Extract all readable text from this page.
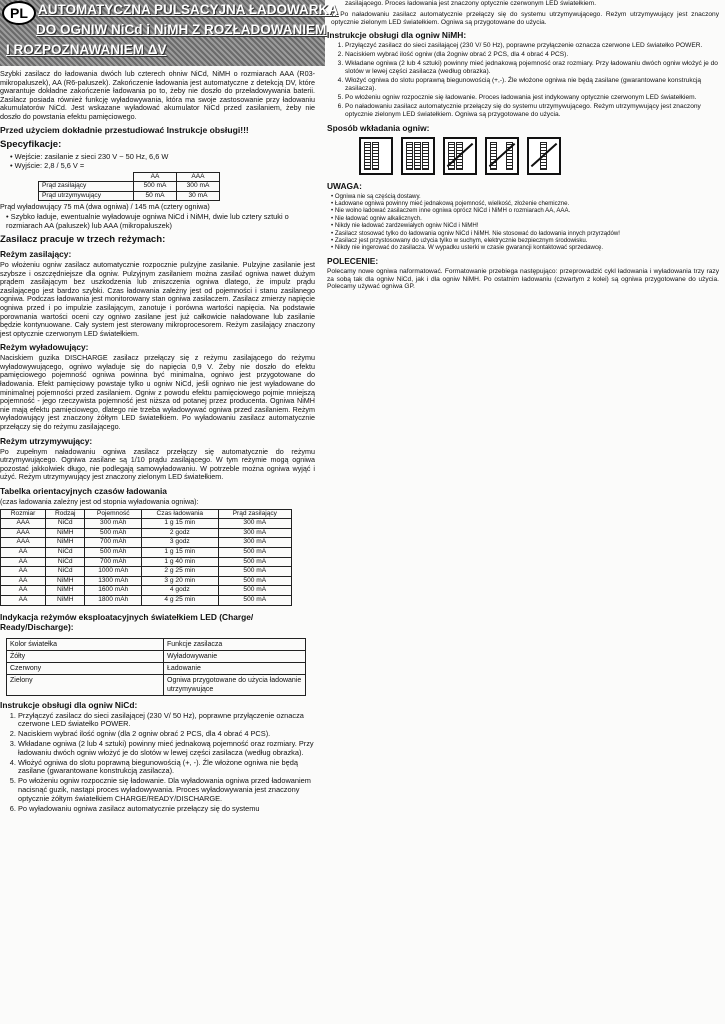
PL AUTOMATYCZNA PULSACYJNA ŁADOWARKA
DO OGNIW NiCd i NiMH Z ROZŁADOWANIEM
I ROZPOZNAWANIEM ΔV

Szybki zasilacz do ładowania dwóch lub czterech ohniw NiCd, NiMH o rozmiarach AAA (R03-mikropaluszek), AA (R6-paluszek). Zakończenie ładowania jest automatyczne z detekcją DV, które gwarantuje dokładne zakończenie ładowania po to, żeby nie doszło do przeładowywania baterii. Zasilacz posiada również funkcję wyładowywania, która ma swoje zastosowanie przy ładowaniu akumulatorów NiCd. Jest wskazane wyładować akumulator NiCd przed zasilaniem, żeby nie doszło do powstania efektu pamięciowego.

Przed użyciem dokładnie przestudiować Instrukcje obsługi!!!
Specyfikacje:
• Wejście: zasilanie z sieci 230 V ~ 50 Hz, 6,6 W
• Wyjście: 2,8 / 5,6 V =
	AA	AAA
Prąd zasilający	500 mA	300 mA
Prąd utrzymywujący	50 mA	30 mA

Prąd wyładowujący 75 mA (dwa ogniwa) / 145 mA (cztery ogniwa)

• Szybko ładuje, ewentualnie wyładowuje ogniwa NiCd i NiMH, dwie lub cztery sztuki o rozmiarach AA (paluszek) lub AAA (mikropaluszek)
Zasilacz pracuje w trzech reżymach:
Reżym zasilający:

Po włożeniu ogniw zasilacz automatycznie rozpocznie pulzyjne zasilanie. Pulzyjne zasilanie jest szybsze i oszczędniejsze dla ogniw. Pulzyjnym zasilaniem można zasilać ogniwa nawet dużym prądem zasilającym bez uszkodzenia lub zniszczenia ogniwa dlatego, że impulz prądu zasilającego jest bardzo szybki. Czas ładowania zależny jest od pojemności i stanu zasilanego ogniwa. Podczas ładowania jest monitorowany stan ogniwa zasilaczem. Zasilacz zmierzy napięcie ogniwa przed i po impulzie zasilającym, zanotuje i porówna wartości napięcia. Na podstawie porownania wartości oceni czy ogniwo zasilane jest już całkowicie naładowane lub zasilanie będzie kontynuowane. Cały system jest sterowany mikroprocesorem. Reżym zasilający znaczony jest optycznie czerwonym LED światełkiem.

Reżym wyładowujący:

Naciskiem guzika DISCHARGE zasilacz przełączy się z reżymu zasilającego do reżymu wyładowywującego, ogniwo wyładuje się do napięcia 0,9 V. Żeby nie doszło do efektu pamięciowego pojemność ogniwa powinna być minimalna, ogniwo jest przygotowane do ładowania. Efekt pamięciowy powstaje tylko u ogniw NiCd, jeśli ogniwo nie jest wyładowane do minimalnej pojemności przed zasilaniem. Ogniw z powodu efektu pamięciowego pojmie mniejszą pojemność - jego rzeczywista pojemność jest niższa od potanej przez producenta. Ogniwa NiMH nie mają efektu pamięciowego, dlatego nie trzeba wyładowywać ogniwa przed zasilaniem. Reżym wyładowujący jest znaczony żółtym LED światełkiem. Po wyładowaniu zasilacz automatycznie przełączy się do reżymu zasilającego.

Reżym utrzymywujący:

Po zupełnym naładowaniu ogniwa zasilacz przełączy się automatycznie do reżymu utrzymywującego. Ogniwa zasilane są 1/10 prądu zasilającego. W tym reżymie mogą ogniwa pozostać jakkolwiek długo, nie podlegają samowyładowaniu. W potrzeble można ogniwa wyjąć i użyć. Reżym utrzymywujący jest znaczony zielonym LED światełkiem.

Tabelka orientacyjnych czasów ładowania

(czas ładowania zależny jest od stopnia wyładowania ogniwa):

Rozmiar	Rodzaj	Pojemność	Czas ładowania	Prąd zasilający
AAA	NiCd	300 mAh	1 g 15 min	300 mA
AAA	NiMH	500 mAh	2 godz	300 mA
AAA	NiMH	700 mAh	3 godz	300 mA
AA	NiCd	500 mAh	1 g 15 min	500 mA
AA	NiCd	700 mAh	1 g 40 min	500 mA
AA	NiCd	1000 mAh	2 g 25 min	500 mA
AA	NiMH	1300 mAh	3 g 20 min	500 mA
AA	NiMH	1600 mAh	4 godz	500 mA
AA	NiMH	1800 mAh	4 g 25 min	500 mA
Indykacja reżymów eksploatacyjnych światełkiem LED (Charge/ Ready/Discharge):
Kolor światełka	Funkcje zasilacza
Żółty	Wyładowywanie
Czerwony	Ładowanie
Zielony	Ogniwa przygotowane do użycia ładowanie utrzymywujące
Instrukcje obsługi dla ogniw NiCd:
1. Przyłączyć zasilacz do sieci zasilającej (230 V/ 50 Hz), poprawne przyłączenie oznacza czerwone LED światełko POWER.
2. Naciskiem wybrać ilość ogniw (dla 2 ogniw obrać 2 PCS, dla 4 obrać 4 PCS).
3. Wkładane ogniwa (2 lub 4 sztuki) powinny mieć jednakową pojemność oraz rozmiary. Przy ładowaniu dwóch ogniw włożyć je do slotów w lewej części zasilacza (według obrazka).
4. Włożyć ogniwa do slotu poprawną biegunowością (+, -). Źle włożone ogniwa nie będą zasilane (gwarantowane konstrukcją zasilacza).
5. Po włożeniu ogniw rozpocznie się ładowanie. Dla wyładowania ogniwa przed ładowaniem nacisnąć guzik, nastąpi proces wyładowywania. Proces wyładowywania jest znaczony optycznie żółtym światełkiem CHARGE/READY/DISCHARGE.
6. Po wyładowaniu ogniwa zasilacz automatycznie przełączy się do systemu

zasilającego. Proces ładowania jest znaczony optycznie czerwonym LED światełkiem.

7. Po naładowaniu zasilacz automatycznie przełączy się do systemu utrzymywującego. Reżym utrzymywujący jest znaczony optycznie zielonym LED światełkiem. Ogniwa są przygotowane do użycia.

Instrukcje obsługi dla ogniw NiMH:
1. Przyłączyć zasilacz do sieci zasilającej (230 V/ 50 Hz), poprawne przyłączenie oznacza czerwone LED światełko POWER.
2. Naciskiem wybrać ilość ogniw (dla 2ogniw obrać 2 PCS, dla 4 obrać 4 PCS).
3. Wkładane ogniwa (2 lub 4 sztuki) powinny mieć jednakową pojemność oraz rozmiary. Przy ładowaniu dwóch ogniw włożyć je do slotów w lewej części zasilacza (według obrazka).
4. Włożyć ogniwa do slotu poprawną biegunowością (+,-). Źle włożone ogniwa nie będą zasilane (gwarantowane konstrukcją zasilacza).
5. Po włożeniu ogniw rozpocznie się ładowanie. Proces ładowania jest indykowany optycznie czerwonym LED światełkiem.
6. Po naładowaniu zasilacz automatycznie przełączy się do systemu utrzymywującego. Reżym utrzymywujący jest znaczony optycznie zielonym LED światełkiem. Ogniwa są przygotowane do użycia.
Sposób wkładania ogniw:
UWAGA:
• Ogniwa nie są częścią dostawy.
• Ładowane ogniwa powinny mieć jednakową pojemność, wielkość, złożenie chemiczne.
• Nie wolno ładować zasilaczem inne ogniwa oprócz NiCd i NiMH o rozmiarach AA, AAA.
• Nie ładować ogniw alkalicznych.
• Nikdy nie ładować zardzewiałych ogniw NiCd i NiMH!
• Zasilacz stosować tylko do ładowania ogniw NiCd i NiMH. Nie stosować do ładowania innych przyrządów!
• Zasilacz jest przystosowany do użycia tylko w suchym, elektrycznie bezpiecznym środowisku.
• Nikdy nie ingerować do zasilacza. W wypadku usterki w czasie gwarancji kontaktować sprzedawcę.
POLECENIE:

Polecamy nowe ogniwa naformatować. Formatowanie przebiega następująco: przeprowadzić cykl ładowania i wyładowania trzy razy za sobą tak dla ogniw NiCd, jak i dla ogniw NiMH. Po ostatnim ładowaniu (czwartym z kolei) są ogniwa przygotowane do użycia. Polecamy używać ogniwa GP.
